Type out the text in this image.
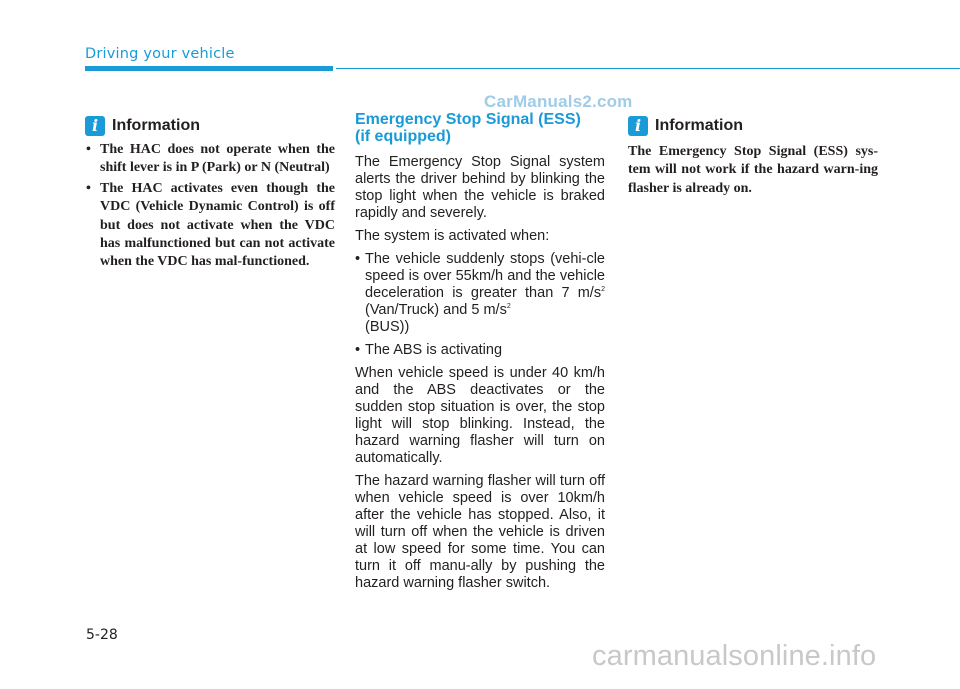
Driving your vehicle
CarManuals2.com
i Information
• The HAC does not operate when the shift lever is in P (Park) or N (Neutral)
• The HAC activates even though the VDC (Vehicle Dynamic Control) is off but does not activate when the VDC has malfunctioned but can not activate when the VDC has mal-functioned.
Emergency Stop Signal (ESS)
(if equipped)

The Emergency Stop Signal system alerts the driver behind by blinking the stop light when the vehicle is braked rapidly and severely.

The system is activated when:

• The vehicle suddenly stops (vehi-cle speed is over 55km/h and the vehicle deceleration is greater than 7 $m/s^2$ (Van/Truck) and 5 $m/s^2$
(BUS))
• The ABS is activating

When vehicle speed is under 40 km/h and the ABS deactivates or the sudden stop situation is over, the stop light will stop blinking. Instead, the hazard warning flasher will turn on automatically.

The hazard warning flasher will turn off when vehicle speed is over 10km/h after the vehicle has stopped. Also, it will turn off when the vehicle is driven at low speed for some time. You can turn it off manu-ally by pushing the hazard warning flasher switch.

i Information

The Emergency Stop Signal (ESS) sys-tem will not work if the hazard warn-ing flasher is already on.

5-28
carmanualsonline.info
